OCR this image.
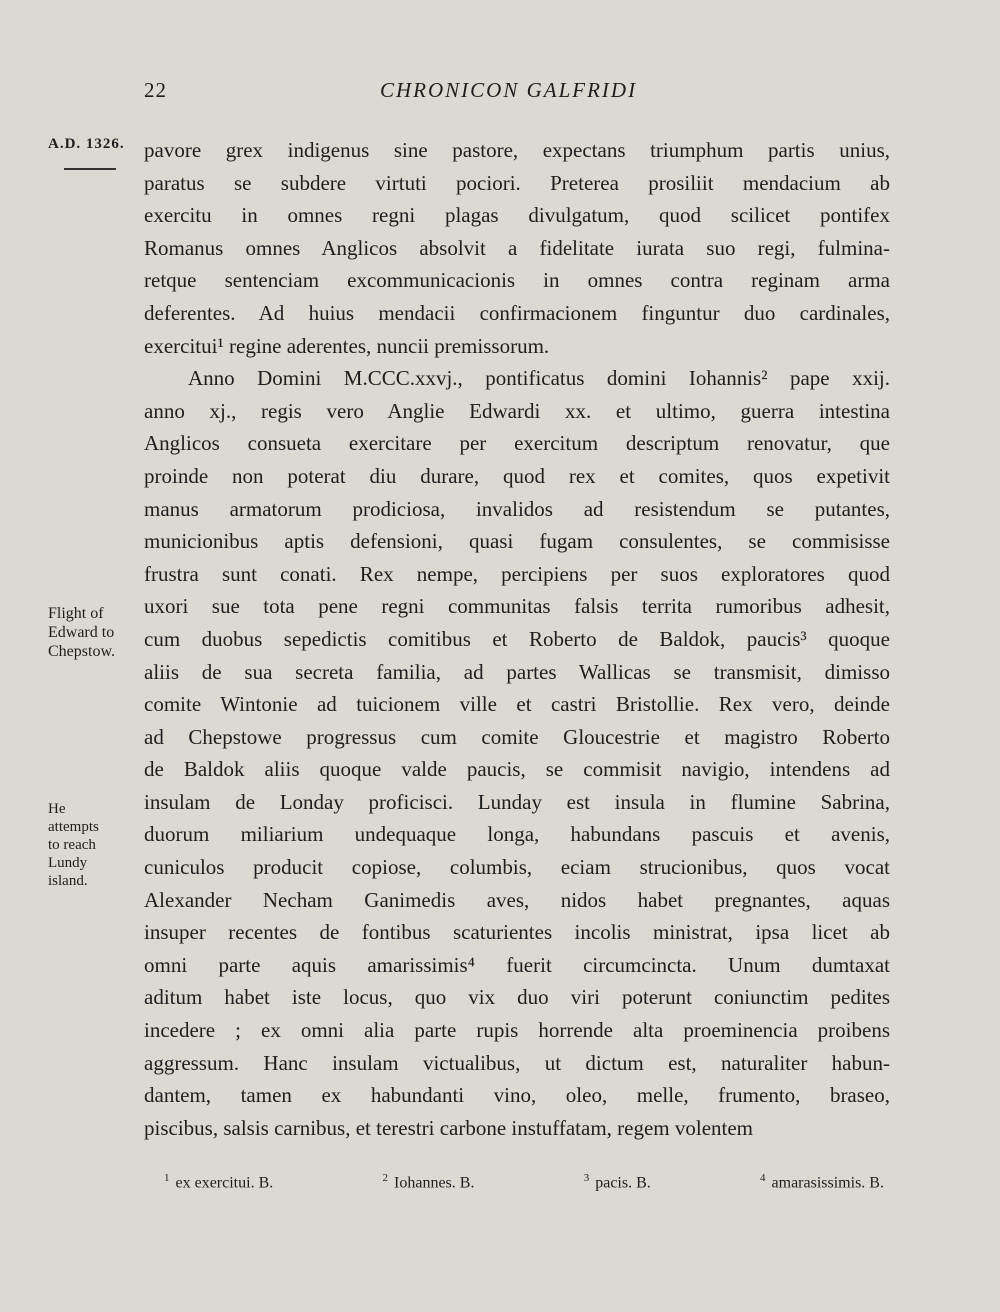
22	CHRONICON GALFRIDI
A.D. 1326.
Flight of
Edward to
Chepstow.
He
attempts
to reach
Lundy
island.
pavore grex indigenus sine pastore, expectans triumphum partis unius,
paratus se subdere virtuti pociori. Preterea prosiliit mendacium ab
exercitu in omnes regni plagas divulgatum, quod scilicet pontifex
Romanus omnes Anglicos absolvit a fidelitate iurata suo regi, fulmina-
retque sentenciam excommunicacionis in omnes contra reginam arma
deferentes. Ad huius mendacii confirmacionem finguntur duo cardinales,
exercitui¹ regine aderentes, nuncii premissorum.
Anno Domini M.CCC.xxvj., pontificatus domini Iohannis² pape xxij.
anno xj., regis vero Anglie Edwardi xx. et ultimo, guerra intestina
Anglicos consueta exercitare per exercitum descriptum renovatur, que
proinde non poterat diu durare, quod rex et comites, quos expetivit
manus armatorum prodiciosa, invalidos ad resistendum se putantes,
municionibus aptis defensioni, quasi fugam consulentes, se commisisse
frustra sunt conati. Rex nempe, percipiens per suos exploratores quod
uxori sue tota pene regni communitas falsis territa rumoribus adhesit,
cum duobus sepedictis comitibus et Roberto de Baldok, paucis³ quoque
aliis de sua secreta familia, ad partes Wallicas se transmisit, dimisso
comite Wintonie ad tuicionem ville et castri Bristollie. Rex vero, deinde
ad Chepstowe progressus cum comite Gloucestrie et magistro Roberto
de Baldok aliis quoque valde paucis, se commisit navigio, intendens ad
insulam de Londay proficisci. Lunday est insula in flumine Sabrina,
duorum miliarium undequaque longa, habundans pascuis et avenis,
cuniculos producit copiose, columbis, eciam strucionibus, quos vocat
Alexander Necham Ganimedis aves, nidos habet pregnantes, aquas
insuper recentes de fontibus scaturientes incolis ministrat, ipsa licet ab
omni parte aquis amarissimis⁴ fuerit circumcincta. Unum dumtaxat
aditum habet iste locus, quo vix duo viri poterunt coniunctim pedites
incedere ; ex omni alia parte rupis horrende alta proeminencia proibens
aggressum. Hanc insulam victualibus, ut dictum est, naturaliter habun-
dantem, tamen ex habundanti vino, oleo, melle, frumento, braseo,
piscibus, salsis carnibus, et terestri carbone instuffatam, regem volentem
$^1$ ex exercitui. B.	$^2$ Iohannes. B.	$^3$ pacis. B.	$^4$ amarasissimis. B.
